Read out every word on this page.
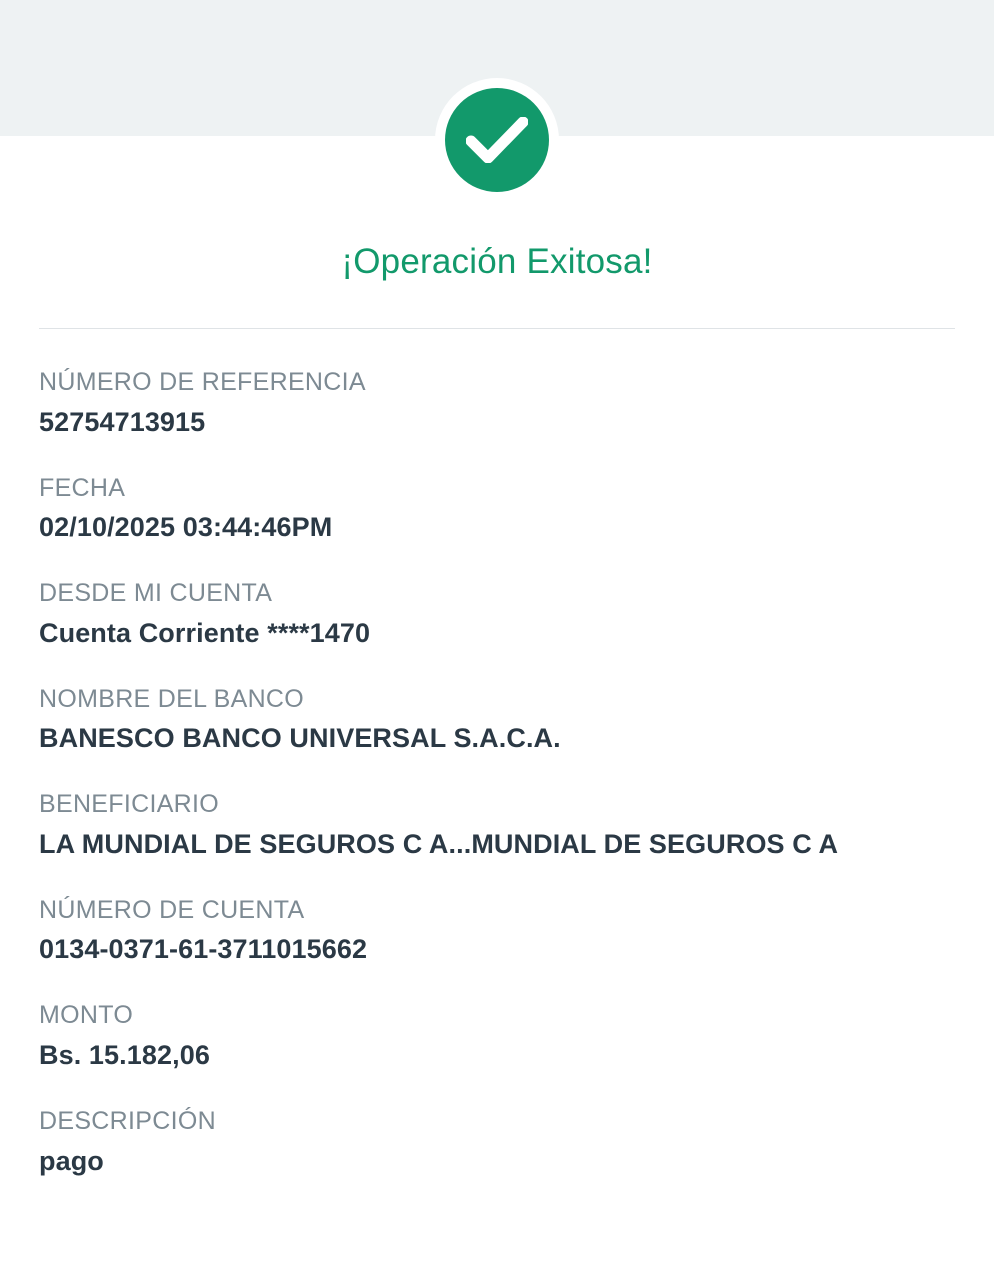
¡Operación Exitosa!
NÚMERO DE REFERENCIA
52754713915
FECHA
02/10/2025 03:44:46PM
DESDE MI CUENTA
Cuenta Corriente ****1470
NOMBRE DEL BANCO
BANESCO BANCO UNIVERSAL S.A.C.A.
BENEFICIARIO
LA MUNDIAL DE SEGUROS C A...MUNDIAL DE SEGUROS C A
NÚMERO DE CUENTA
0134-0371-61-3711015662
MONTO
Bs. 15.182,06
DESCRIPCIÓN
pago
